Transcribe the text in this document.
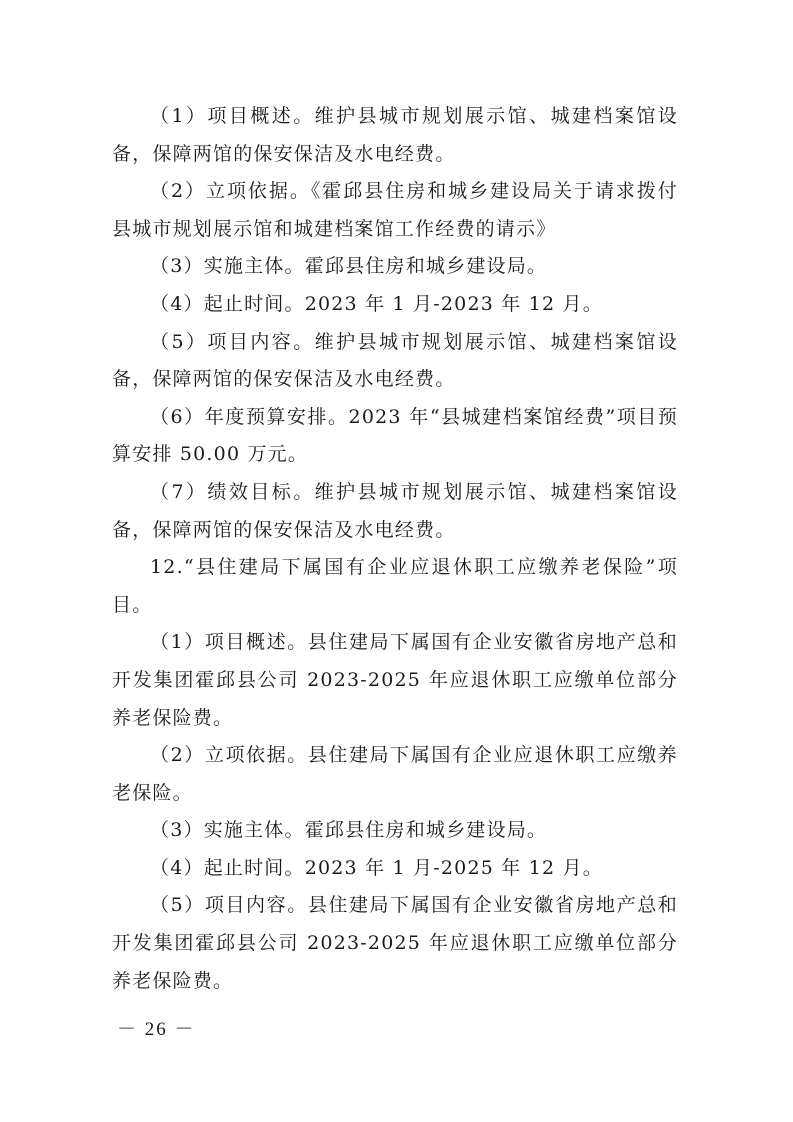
（1）项目概述。维护县城市规划展示馆、城建档案馆设备，保障两馆的保安保洁及水电经费。

（2）立项依据。《霍邱县住房和城乡建设局关于请求拨付县城市规划展示馆和城建档案馆工作经费的请示》

（3）实施主体。霍邱县住房和城乡建设局。

（4）起止时间。2023 年 1 月-2023 年 12 月。

（5）项目内容。维护县城市规划展示馆、城建档案馆设备，保障两馆的保安保洁及水电经费。

（6）年度预算安排。2023 年“县城建档案馆经费”项目预算安排 50.00 万元。

（7）绩效目标。维护县城市规划展示馆、城建档案馆设备，保障两馆的保安保洁及水电经费。

12.“县住建局下属国有企业应退休职工应缴养老保险”项目。

（1）项目概述。县住建局下属国有企业安徽省房地产总和开发集团霍邱县公司 2023-2025 年应退休职工应缴单位部分养老保险费。

（2）立项依据。县住建局下属国有企业应退休职工应缴养老保险。

（3）实施主体。霍邱县住房和城乡建设局。

（4）起止时间。2023 年 1 月-2025 年 12 月。

（5）项目内容。县住建局下属国有企业安徽省房地产总和开发集团霍邱县公司 2023-2025 年应退休职工应缴单位部分养老保险费。

－ 26 －
